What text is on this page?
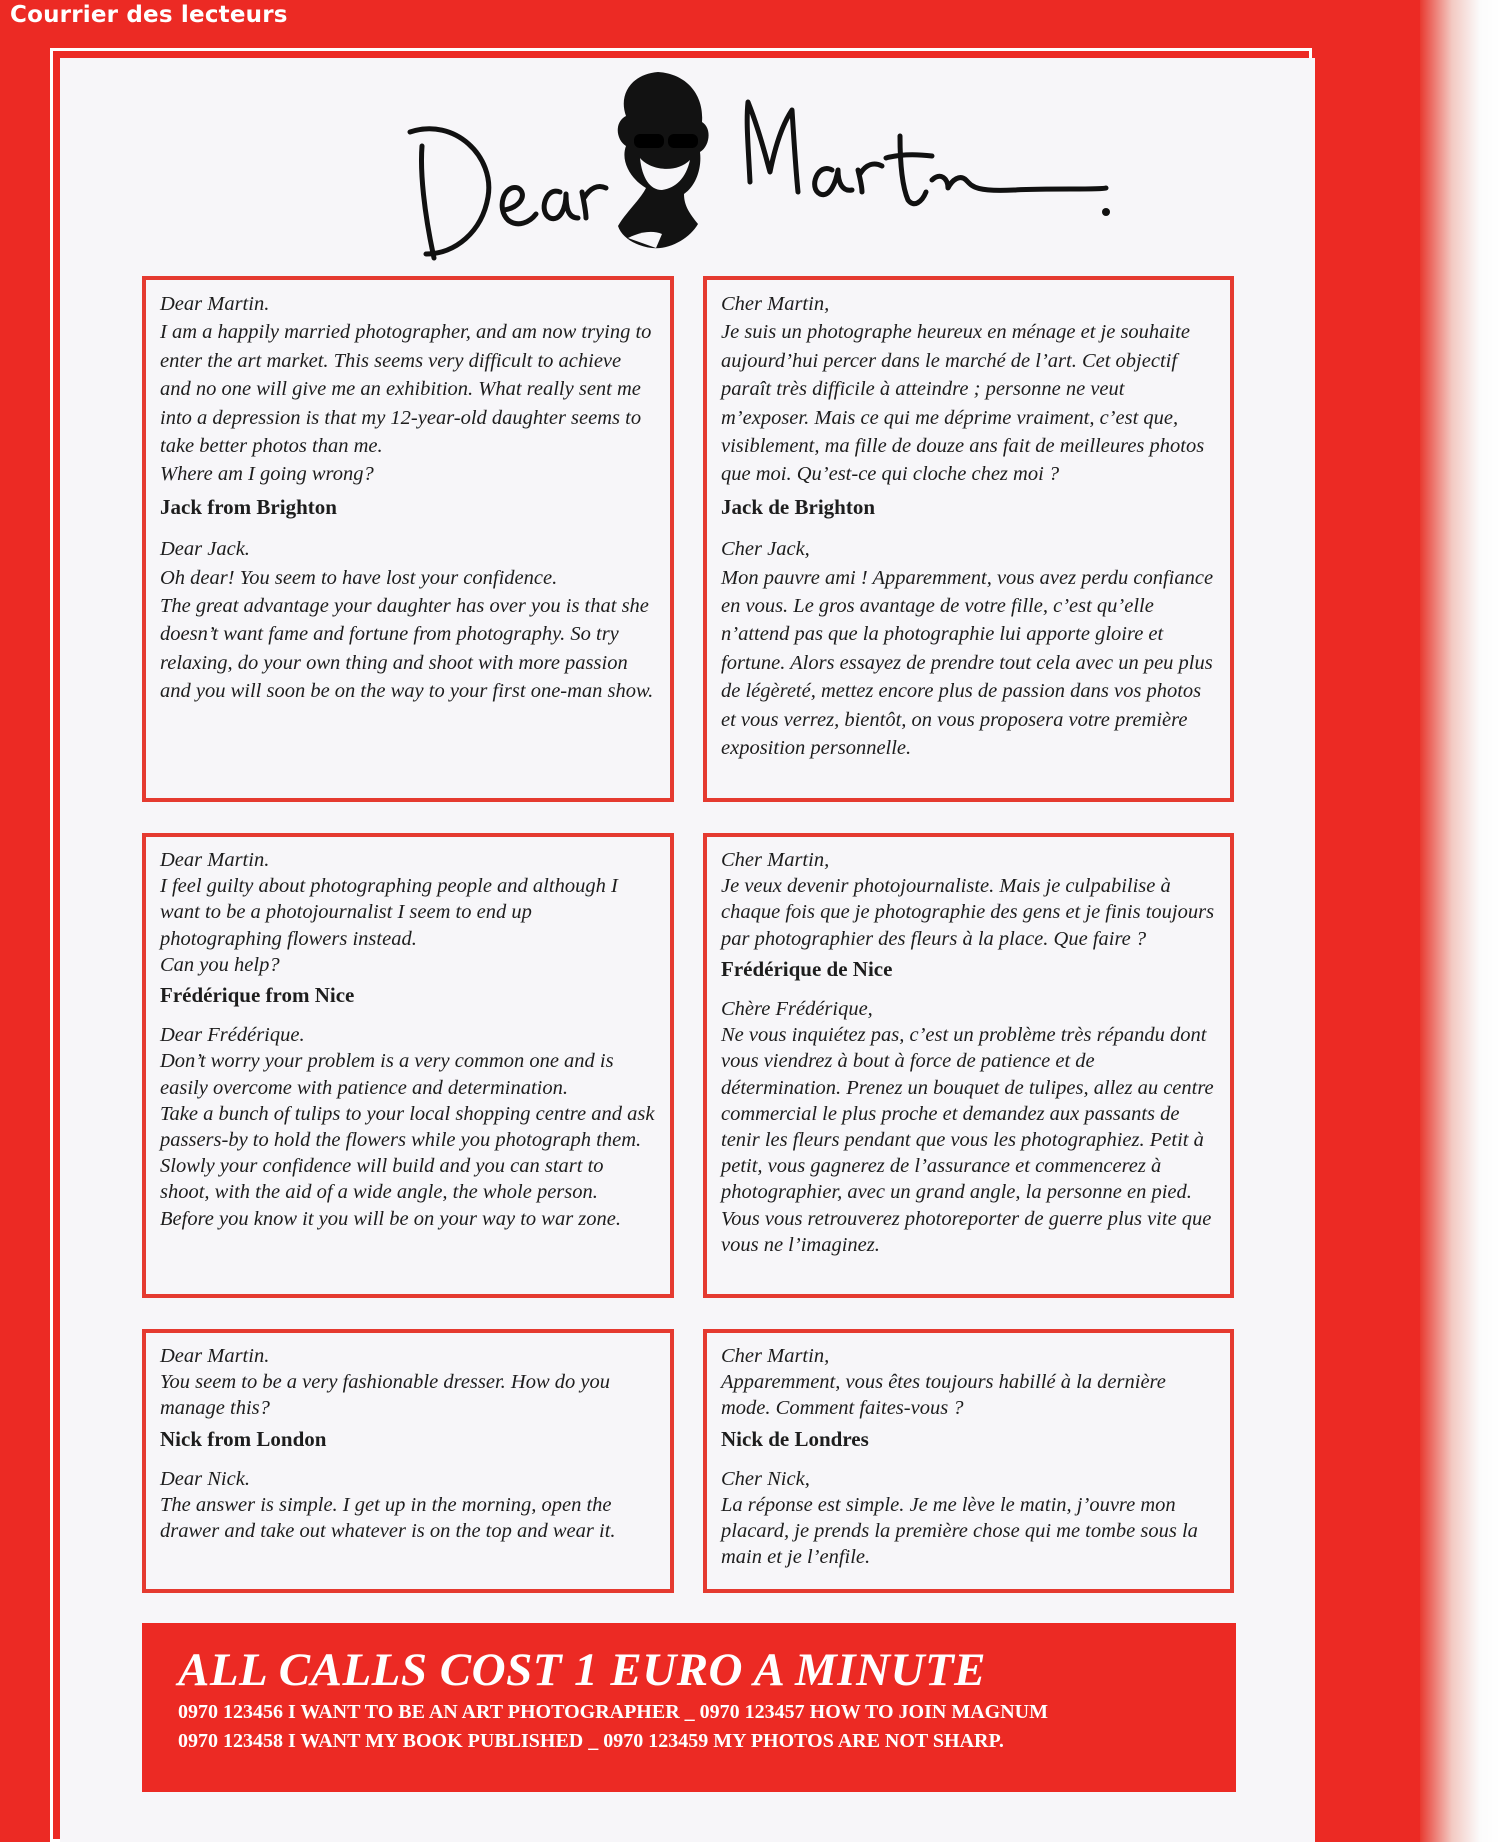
Courrier des lecteurs

Dear Martin.

I am a happily married photographer, and am now trying to enter the art market. This seems very difficult to achieve and no one will give me an exhibition. What really sent me into a depression is that my 12-year-old daughter seems to take better photos than me.

Where am I going wrong?

Jack from Brighton

Dear Jack.

Oh dear! You seem to have lost your confidence.

The great advantage your daughter has over you is that she doesn’t want fame and fortune from photography. So try relaxing, do your own thing and shoot with more passion and you will soon be on the way to your first one-man show.

Cher Martin,

Je suis un photographe heureux en ménage et je souhaite aujourd’hui percer dans le marché de l’art. Cet objectif paraît très difficile à atteindre ; personne ne veut m’exposer. Mais ce qui me déprime vraiment, c’est que, visiblement, ma fille de douze ans fait de meilleures photos que moi. Qu’est-ce qui cloche chez moi ?

Jack de Brighton

Cher Jack,

Mon pauvre ami ! Apparemment, vous avez perdu confiance en vous. Le gros avantage de votre fille, c’est qu’elle n’attend pas que la photographie lui apporte gloire et fortune. Alors essayez de prendre tout cela avec un peu plus de légèreté, mettez encore plus de passion dans vos photos et vous verrez, bientôt, on vous proposera votre première exposition personnelle.

Dear Martin.

I feel guilty about photographing people and although I want to be a photojournalist I seem to end up photographing flowers instead.

Can you help?

Frédérique from Nice

Dear Frédérique.

Don’t worry your problem is a very common one and is easily overcome with patience and determination.

Take a bunch of tulips to your local shopping centre and ask passers-by to hold the flowers while you photograph them. Slowly your confidence will build and you can start to shoot, with the aid of a wide angle, the whole person. Before you know it you will be on your way to war zone.

Cher Martin,

Je veux devenir photojournaliste. Mais je culpabilise à chaque fois que je photographie des gens et je finis toujours par photographier des fleurs à la place. Que faire ?

Frédérique de Nice

Chère Frédérique,

Ne vous inquiétez pas, c’est un problème très répandu dont vous viendrez à bout à force de patience et de détermination. Prenez un bouquet de tulipes, allez au centre commercial le plus proche et demandez aux passants de tenir les fleurs pendant que vous les photographiez. Petit à petit, vous gagnerez de l’assurance et commencerez à photographier, avec un grand angle, la personne en pied. Vous vous retrouverez photoreporter de guerre plus vite que vous ne l’imaginez.

Dear Martin.

You seem to be a very fashionable dresser. How do you manage this?

Nick from London

Dear Nick.

The answer is simple. I get up in the morning, open the drawer and take out whatever is on the top and wear it.

Cher Martin,

Apparemment, vous êtes toujours habillé à la dernière mode. Comment faites-vous ?

Nick de Londres

Cher Nick,

La réponse est simple. Je me lève le matin, j’ouvre mon placard, je prends la première chose qui me tombe sous la main et je l’enfile.

ALL CALLS COST 1 EURO A MINUTE
0970 123456 I WANT TO BE AN ART PHOTOGRAPHER _ 0970 123457 HOW TO JOIN MAGNUM
0970 123458 I WANT MY BOOK PUBLISHED _ 0970 123459 MY PHOTOS ARE NOT SHARP.
